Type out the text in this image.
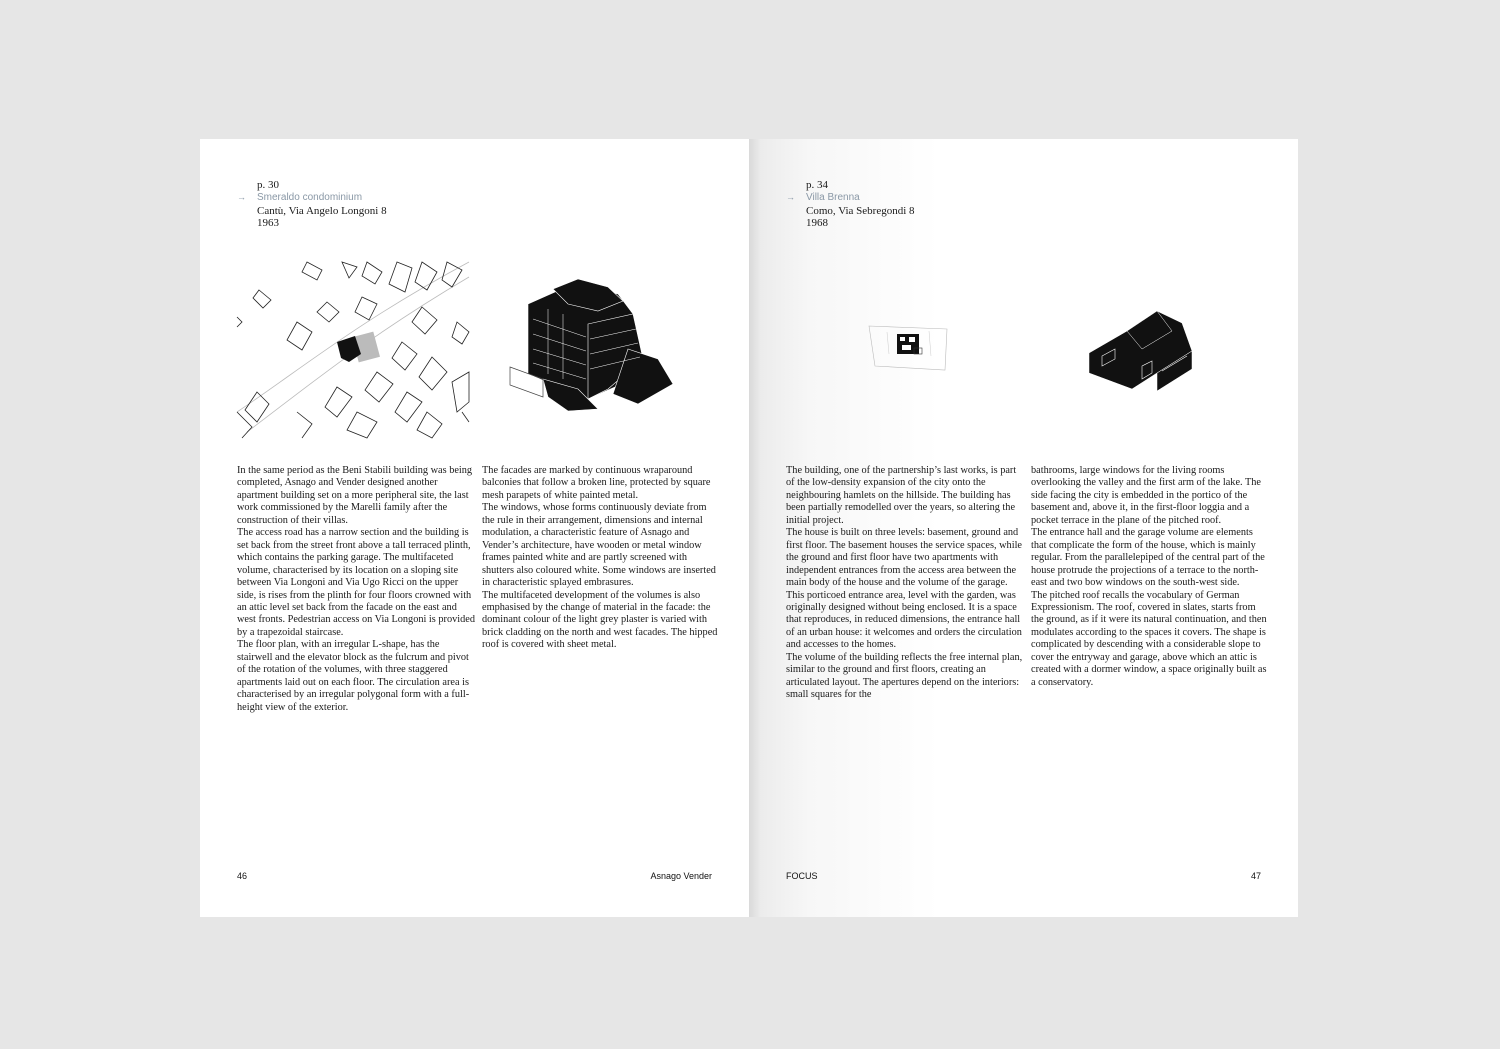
p. 30
→ Smeraldo condominium
Cantù, Via Angelo Longoni 8
1963

In the same period as the Beni Stabili building was being completed, Asnago and Vender designed another apartment building set on a more peripheral site, the last work commissioned by the Marelli family after the construction of their villas.

The access road has a narrow section and the building is set back from the street front above a tall terraced plinth, which contains the parking garage. The multifaceted volume, characterised by its location on a sloping site between Via Longoni and Via Ugo Ricci on the upper side, is rises from the plinth for four floors crowned with an attic level set back from the facade on the east and west fronts. Pedestrian access on Via Longoni is provided by a trapezoidal staircase.

The floor plan, with an irregular L-shape, has the stairwell and the elevator block as the fulcrum and pivot of the rotation of the volumes, with three staggered apartments laid out on each floor. The circulation area is characterised by an irregular polygonal form with a full-height view of the exterior.

The facades are marked by continuous wraparound balconies that follow a broken line, protected by square mesh parapets of white painted metal.

The windows, whose forms continuously deviate from the rule in their arrangement, dimensions and internal modulation, a characteristic feature of Asnago and Vender’s architecture, have wooden or metal window frames painted white and are partly screened with shutters also coloured white. Some windows are inserted in characteristic splayed embrasures.

The multifaceted development of the volumes is also emphasised by the change of material in the facade: the dominant colour of the light grey plaster is varied with brick cladding on the north and west facades. The hipped roof is covered with sheet metal.

46	Asnago Vender
p. 34
→ Villa Brenna
Como, Via Sebregondi 8
1968

The building, one of the partnership’s last works, is part of the low-density expansion of the city onto the neighbouring hamlets on the hillside. The building has been partially remodelled over the years, so altering the initial project.

The house is built on three levels: basement, ground and first floor. The basement houses the service spaces, while the ground and first floor have two apartments with independent entrances from the access area between the main body of the house and the volume of the garage.

This porticoed entrance area, level with the garden, was originally designed without being enclosed. It is a space that reproduces, in reduced dimensions, the entrance hall of an urban house: it welcomes and orders the circulation and accesses to the homes.

The volume of the building reflects the free internal plan, similar to the ground and first floors, creating an articulated layout. The apertures depend on the interiors: small squares for the

bathrooms, large windows for the living rooms overlooking the valley and the first arm of the lake. The side facing the city is embedded in the portico of the basement and, above it, in the first-floor loggia and a pocket terrace in the plane of the pitched roof.

The entrance hall and the garage volume are elements that complicate the form of the house, which is mainly regular. From the parallelepiped of the central part of the house protrude the projections of a terrace to the north-east and two bow windows on the south-west side.

The pitched roof recalls the vocabulary of German Expressionism. The roof, covered in slates, starts from the ground, as if it were its natural continuation, and then modulates according to the spaces it covers. The shape is complicated by descending with a considerable slope to cover the entryway and garage, above which an attic is created with a dormer window, a space originally built as a conservatory.

FOCUS	47
